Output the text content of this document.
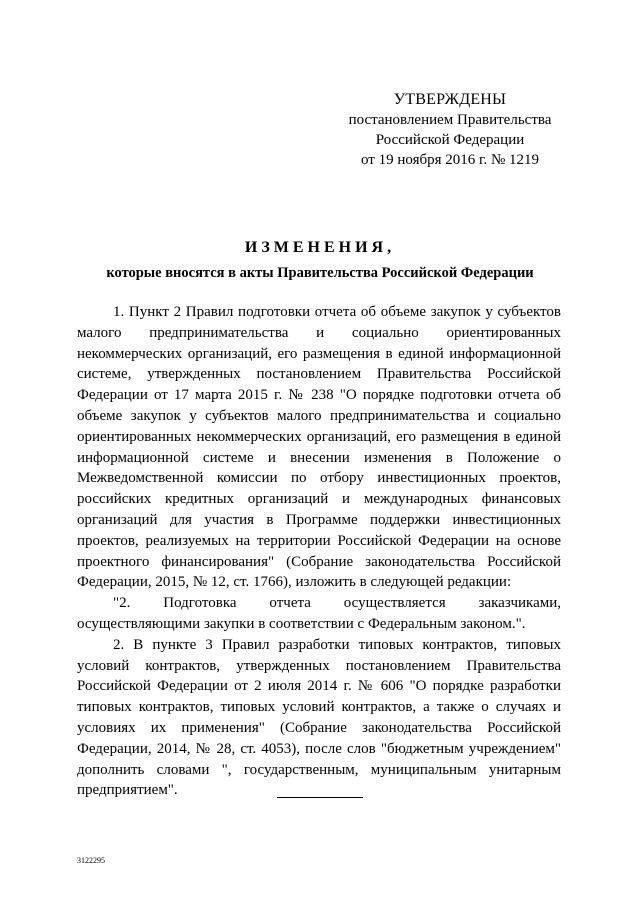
УТВЕРЖДЕНЫ
постановлением Правительства
Российской Федерации
от 19 ноября 2016 г. № 1219
ИЗМЕНЕНИЯ,
которые вносятся в акты Правительства Российской Федерации

1. Пункт 2 Правил подготовки отчета об объеме закупок у субъектов малого предпринимательства и социально ориентированных некоммерческих организаций, его размещения в единой информационной системе, утвержденных постановлением Правительства Российской Федерации от 17 марта 2015 г. № 238 "О порядке подготовки отчета об объеме закупок у субъектов малого предпринимательства и социально ориентированных некоммерческих организаций, его размещения в единой информационной системе и внесении изменения в Положение о Межведомственной комиссии по отбору инвестиционных проектов, российских кредитных организаций и международных финансовых организаций для участия в Программе поддержки инвестиционных проектов, реализуемых на территории Российской Федерации на основе проектного финансирования" (Собрание законодательства Российской Федерации, 2015, № 12, ст. 1766), изложить в следующей редакции:

"2. Подготовка отчета осуществляется заказчиками, осуществляющими закупки в соответствии с Федеральным законом.".

2. В пункте 3 Правил разработки типовых контрактов, типовых условий контрактов, утвержденных постановлением Правительства Российской Федерации от 2 июля 2014 г. № 606 "О порядке разработки типовых контрактов, типовых условий контрактов, а также о случаях и условиях их применения" (Собрание законодательства Российской Федерации, 2014, № 28, ст. 4053), после слов "бюджетным учреждением" дополнить словами ", государственным, муниципальным унитарным предприятием".

3122295
